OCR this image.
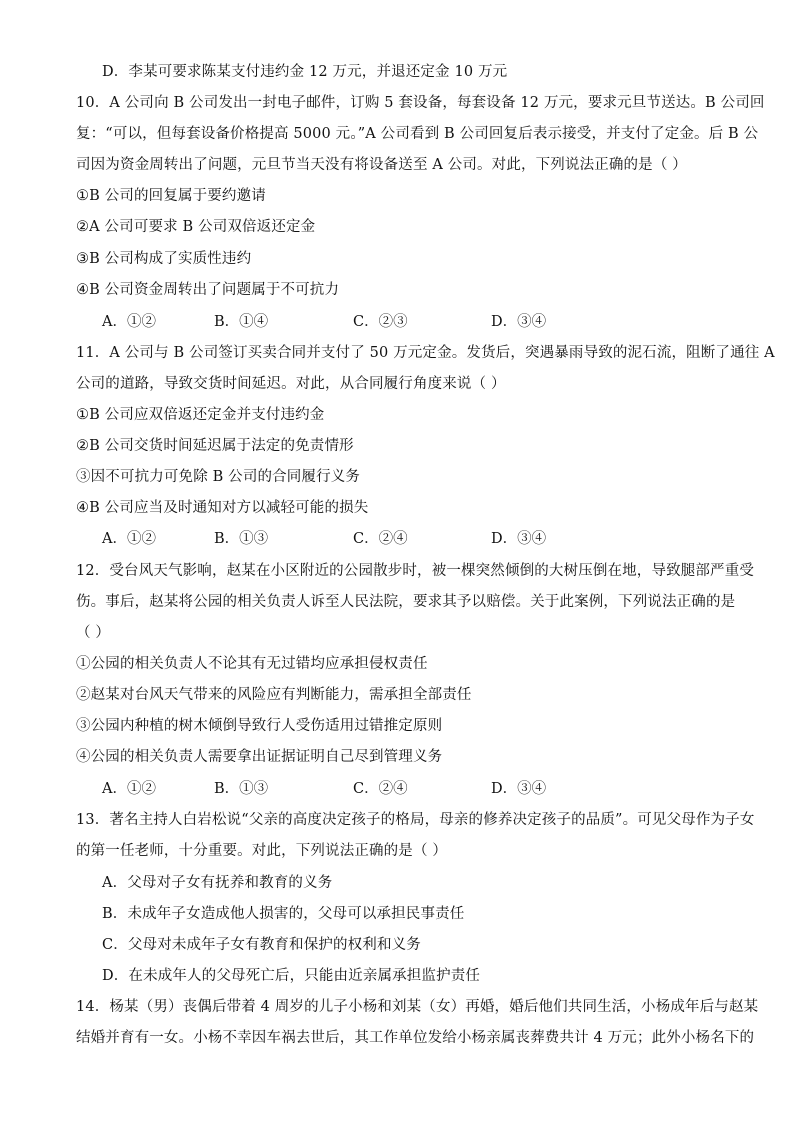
D．李某可要求陈某支付违约金 12 万元，并退还定金 10 万元
10．A 公司向 B 公司发出一封电子邮件，订购 5 套设备，每套设备 12 万元，要求元旦节送达。B 公司回
复：“可以，但每套设备价格提高 5000 元。”A 公司看到 B 公司回复后表示接受，并支付了定金。后 B 公
司因为资金周转出了问题，元旦节当天没有将设备送至 A 公司。对此，下列说法正确的是（ ）
①B 公司的回复属于要约邀请
②A 公司可要求 B 公司双倍返还定金
③B 公司构成了实质性违约
④B 公司资金周转出了问题属于不可抗力
A．①②	B．①④	C．②③	D．③④
11．A 公司与 B 公司签订买卖合同并支付了 50 万元定金。发货后，突遇暴雨导致的泥石流，阻断了通往 A
公司的道路，导致交货时间延迟。对此，从合同履行角度来说（ ）
①B 公司应双倍返还定金并支付违约金
②B 公司交货时间延迟属于法定的免责情形
③因不可抗力可免除 B 公司的合同履行义务
④B 公司应当及时通知对方以减轻可能的损失
A．①②	B．①③	C．②④	D．③④
12．受台风天气影响，赵某在小区附近的公园散步时，被一棵突然倾倒的大树压倒在地，导致腿部严重受
伤。事后，赵某将公园的相关负责人诉至人民法院，要求其予以赔偿。关于此案例，下列说法正确的是
（ ）
①公园的相关负责人不论其有无过错均应承担侵权责任
②赵某对台风天气带来的风险应有判断能力，需承担全部责任
③公园内种植的树木倾倒导致行人受伤适用过错推定原则
④公园的相关负责人需要拿出证据证明自己尽到管理义务
A．①②	B．①③	C．②④	D．③④
13．著名主持人白岩松说“父亲的高度决定孩子的格局，母亲的修养决定孩子的品质”。可见父母作为子女
的第一任老师，十分重要。对此，下列说法正确的是（ ）
A．父母对子女有抚养和教育的义务
B．未成年子女造成他人损害的，父母可以承担民事责任
C．父母对未成年子女有教育和保护的权利和义务
D．在未成年人的父母死亡后，只能由近亲属承担监护责任
14．杨某（男）丧偶后带着 4 周岁的儿子小杨和刘某（女）再婚，婚后他们共同生活，小杨成年后与赵某
结婚并育有一女。小杨不幸因车祸去世后，其工作单位发给小杨亲属丧葬费共计 4 万元；此外小杨名下的
